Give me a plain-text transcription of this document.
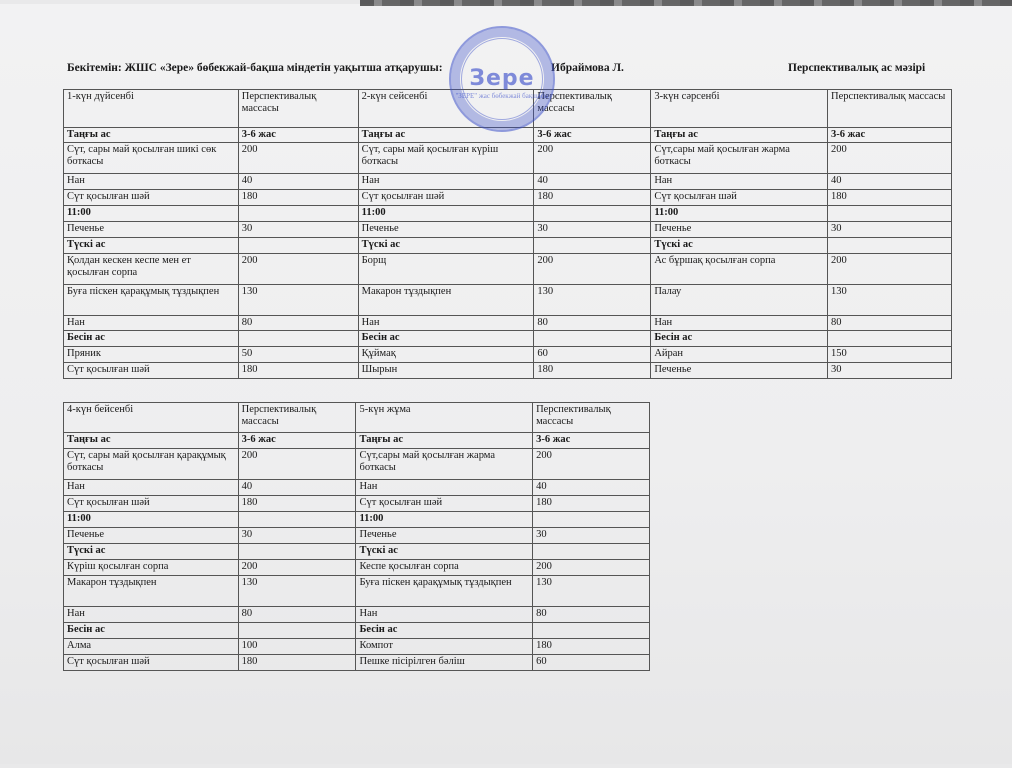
Бекітемін: ЖШС «Зере» бөбекжай-бақша міндетін уақытша атқарушы:	Ибраймова Л.	Перспективалық ас мәзірі
1-күн дүйсенбі	Перспективалық массасы	2-күн сейсенбі	Перспективалық массасы	3-күн сәрсенбі	Перспективалық массасы
Таңғы ас	3-6 жас	Таңғы ас	3-6 жас	Таңғы ас	3-6 жас
Сүт, сары май қосылған шикі сөк боткасы	200	Сүт, сары май қосылған күріш боткасы	200	Сүт,сары май қосылған жарма боткасы	200
Нан	40	Нан	40	Нан	40
Сүт қосылған шәй	180	Сүт қосылған шәй	180	Сүт қосылған шәй	180
11:00		11:00		11:00	
Печенье	30	Печенье	30	Печенье	30
Түскі ас		Түскі ас		Түскі ас	
Қолдан кескен кеспе мен ет қосылған сорпа	200	Борщ	200	Ас бұршақ қосылған сорпа	200
Буға піскен қарақұмық тұздықпен	130	Макарон тұздықпен	130	Палау	130
Нан	80	Нан	80	Нан	80
Бесін ас		Бесін ас		Бесін ас	
Пряник	50	Құймақ	60	Айран	150
Сүт қосылған шәй	180	Шырын	180	Печенье	30
4-күн бейсенбі	Перспективалық массасы	5-күн жұма	Перспективалық массасы
Таңғы ас	3-6 жас	Таңғы ас	3-6 жас
Сүт, сары май қосылған қарақұмық боткасы	200	Сүт,сары май қосылған жарма боткасы	200
Нан	40	Нан	40
Сүт қосылған шәй	180	Сүт қосылған шәй	180
11:00		11:00	
Печенье	30	Печенье	30
Түскі ас		Түскі ас	
Күріш қосылған сорпа	200	Кеспе қосылған сорпа	200
Макарон тұздықпен	130	Буға піскен қарақұмық тұздықпен	130
Нан	80	Нан	80
Бесін ас		Бесін ас	
Алма	100	Компот	180
Сүт қосылған шәй	180	Пешке пісірілген бәліш	60
Зере
"ЗЕРЕ" жас бөбекжай бақшасы
